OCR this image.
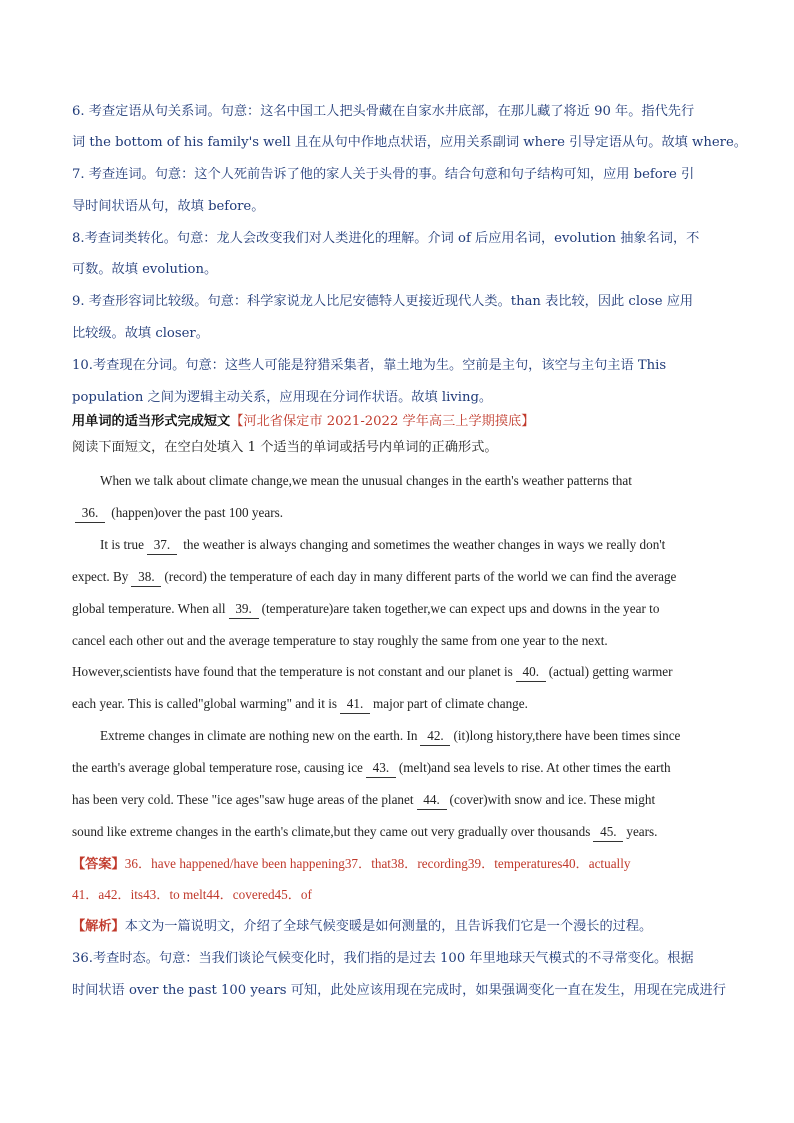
6. 考查定语从句关系词。句意：这名中国工人把头骨藏在自家水井底部，在那儿藏了将近 90 年。指代先行
词 the bottom of his family's well 且在从句中作地点状语，应用关系副词 where 引导定语从句。故填 where。
7. 考查连词。句意：这个人死前告诉了他的家人关于头骨的事。结合句意和句子结构可知，应用 before 引
导时间状语从句，故填 before。
8.考查词类转化。句意：龙人会改变我们对人类进化的理解。介词 of 后应用名词，evolution 抽象名词，不
可数。故填 evolution。
9. 考查形容词比较级。句意：科学家说龙人比尼安德特人更接近现代人类。than 表比较，因此 close 应用
比较级。故填 closer。
10.考查现在分词。句意：这些人可能是狩猎采集者，靠土地为生。空前是主句，该空与主句主语 This
population 之间为逻辑主动关系，应用现在分词作状语。故填 living。
用单词的适当形式完成短文【河北省保定市 2021-2022 学年高三上学期摸底】
阅读下面短文，在空白处填入 1 个适当的单词或括号内单词的正确形式。
When we talk about climate change,we mean the unusual changes in the earth's weather patterns that
36. (happen)over the past 100 years.
It is true 37. the weather is always changing and sometimes the weather changes in ways we really don't
expect. By 38. (record) the temperature of each day in many different parts of the world we can find the average
global temperature. When all 39. (temperature)are taken together,we can expect ups and downs in the year to
cancel each other out and the average temperature to stay roughly the same from one year to the next.
However,scientists have found that the temperature is not constant and our planet is 40. (actual) getting warmer
each year. This is called"global warming" and it is 41. major part of climate change.
Extreme changes in climate are nothing new on the earth. In 42. (it)long history,there have been times since
the earth's average global temperature rose, causing ice 43. (melt)and sea levels to rise. At other times the earth
has been very cold. These "ice ages"saw huge areas of the planet 44. (cover)with snow and ice. These might
sound like extreme changes in the earth's climate,but they came out very gradually over thousands 45. years.
【答案】36．have happened/have been happening37．that38．recording39．temperatures40．actually
41．a42．its43．to melt44．covered45．of
【解析】本文为一篇说明文，介绍了全球气候变暖是如何测量的，且告诉我们它是一个漫长的过程。
36.考查时态。句意：当我们谈论气候变化时，我们指的是过去 100 年里地球天气模式的不寻常变化。根据
时间状语 over the past 100 years 可知，此处应该用现在完成时，如果强调变化一直在发生，用现在完成进行
